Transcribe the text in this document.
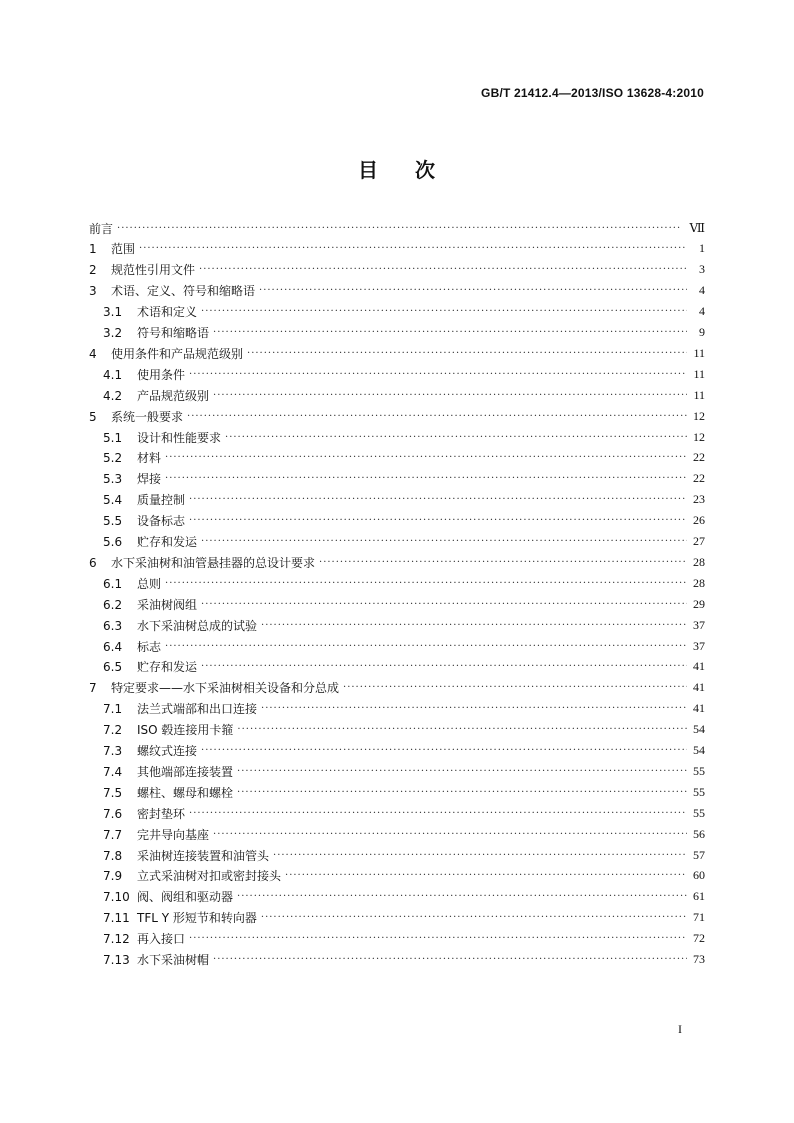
GB/T 21412.4—2013/ISO 13628-4:2010
目 次
前言 ·····	Ⅶ
1 范围 ·····	1
2 规范性引用文件 ·····	3
3 术语、定义、符号和缩略语 ·····	4
3.1 术语和定义 ·····	4
3.2 符号和缩略语 ·····	9
4 使用条件和产品规范级别 ·····	11
4.1 使用条件 ·····	11
4.2 产品规范级别 ·····	11
5 系统一般要求 ·····	12
5.1 设计和性能要求 ·····	12
5.2 材料 ·····	22
5.3 焊接 ·····	22
5.4 质量控制 ·····	23
5.5 设备标志 ·····	26
5.6 贮存和发运 ·····	27
6 水下采油树和油管悬挂器的总设计要求 ·····	28
6.1 总则 ·····	28
6.2 采油树阀组 ·····	29
6.3 水下采油树总成的试验 ·····	37
6.4 标志 ·····	37
6.5 贮存和发运 ·····	41
7 特定要求——水下采油树相关设备和分总成 ·····	41
7.1 法兰式端部和出口连接 ·····	41
7.2 ISO 毂连接用卡箍 ·····	54
7.3 螺纹式连接 ·····	54
7.4 其他端部连接装置 ·····	55
7.5 螺柱、螺母和螺栓 ·····	55
7.6 密封垫环 ·····	55
7.7 完井导向基座 ·····	56
7.8 采油树连接装置和油管头 ·····	57
7.9 立式采油树对扣或密封接头 ·····	60
7.10 阀、阀组和驱动器 ·····	61
7.11 TFL Y 形短节和转向器 ·····	71
7.12 再入接口 ·····	72
7.13 水下采油树帽 ·····	73
I
